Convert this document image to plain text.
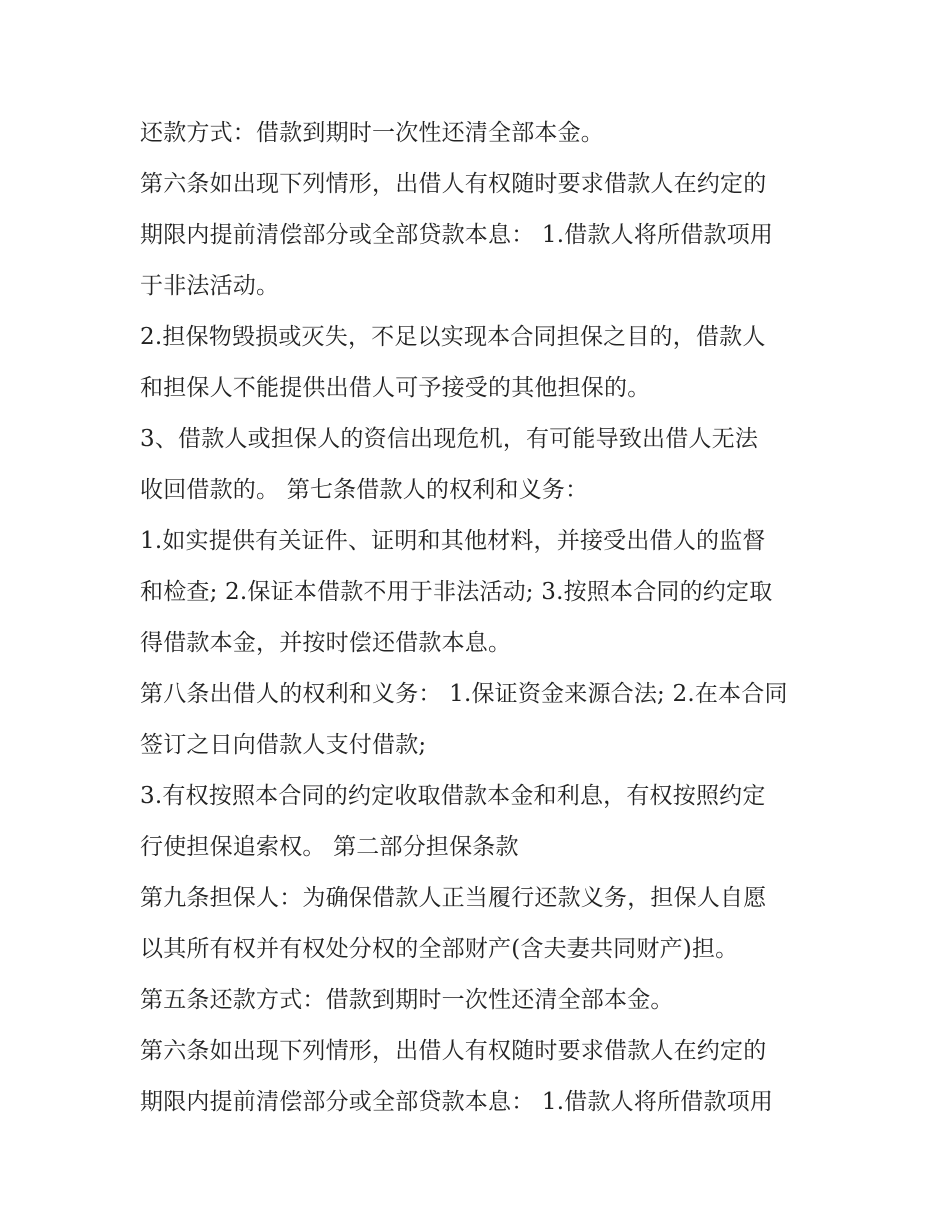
还款方式：借款到期时一次性还清全部本金。
第六条如出现下列情形，出借人有权随时要求借款人在约定的
期限内提前清偿部分或全部贷款本息： 1.借款人将所借款项用
于非法活动。
2.担保物毁损或灭失，不足以实现本合同担保之目的，借款人
和担保人不能提供出借人可予接受的其他担保的。
3、借款人或担保人的资信出现危机，有可能导致出借人无法
收回借款的。 第七条借款人的权利和义务：
1.如实提供有关证件、证明和其他材料，并接受出借人的监督
和检查; 2.保证本借款不用于非法活动; 3.按照本合同的约定取
得借款本金，并按时偿还借款本息。
第八条出借人的权利和义务： 1.保证资金来源合法; 2.在本合同
签订之日向借款人支付借款;
3.有权按照本合同的约定收取借款本金和利息，有权按照约定
行使担保追索权。 第二部分担保条款
第九条担保人：为确保借款人正当履行还款义务，担保人自愿
以其所有权并有权处分权的全部财产(含夫妻共同财产)担。
第五条还款方式：借款到期时一次性还清全部本金。
第六条如出现下列情形，出借人有权随时要求借款人在约定的
期限内提前清偿部分或全部贷款本息： 1.借款人将所借款项用
